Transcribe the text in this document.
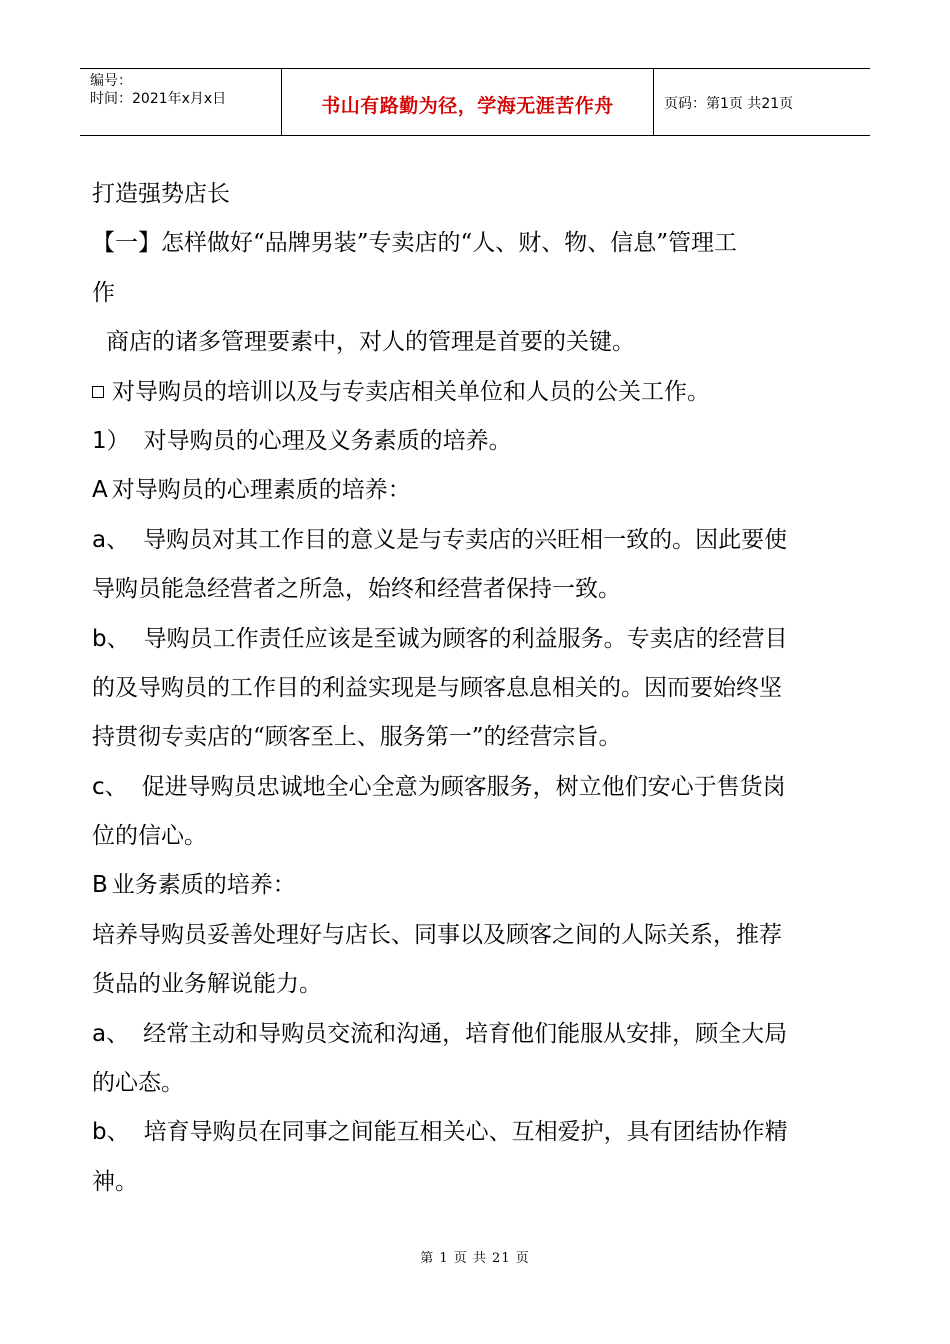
编号：
时间：2021年x月x日	书山有路勤为径，学海无涯苦作舟	页码：第1页 共21页
打造强势店长
【一】怎样做好“品牌男装”专卖店的“人、财、物、信息”管理工
作
商店的诸多管理要素中，对人的管理是首要的关键。
对导购员的培训以及与专卖店相关单位和人员的公关工作。
1） 对导购员的心理及义务素质的培养。
A 对导购员的心理素质的培养：
a、 导购员对其工作目的意义是与专卖店的兴旺相一致的。因此要使
导购员能急经营者之所急，始终和经营者保持一致。
b、 导购员工作责任应该是至诚为顾客的利益服务。专卖店的经营目
的及导购员的工作目的利益实现是与顾客息息相关的。因而要始终坚
持贯彻专卖店的“顾客至上、服务第一”的经营宗旨。
c、 促进导购员忠诚地全心全意为顾客服务，树立他们安心于售货岗
位的信心。
B 业务素质的培养：
培养导购员妥善处理好与店长、同事以及顾客之间的人际关系，推荐
货品的业务解说能力。
a、 经常主动和导购员交流和沟通，培育他们能服从安排，顾全大局
的心态。
b、 培育导购员在同事之间能互相关心、互相爱护，具有团结协作精
神。
第 1 页 共 21 页
